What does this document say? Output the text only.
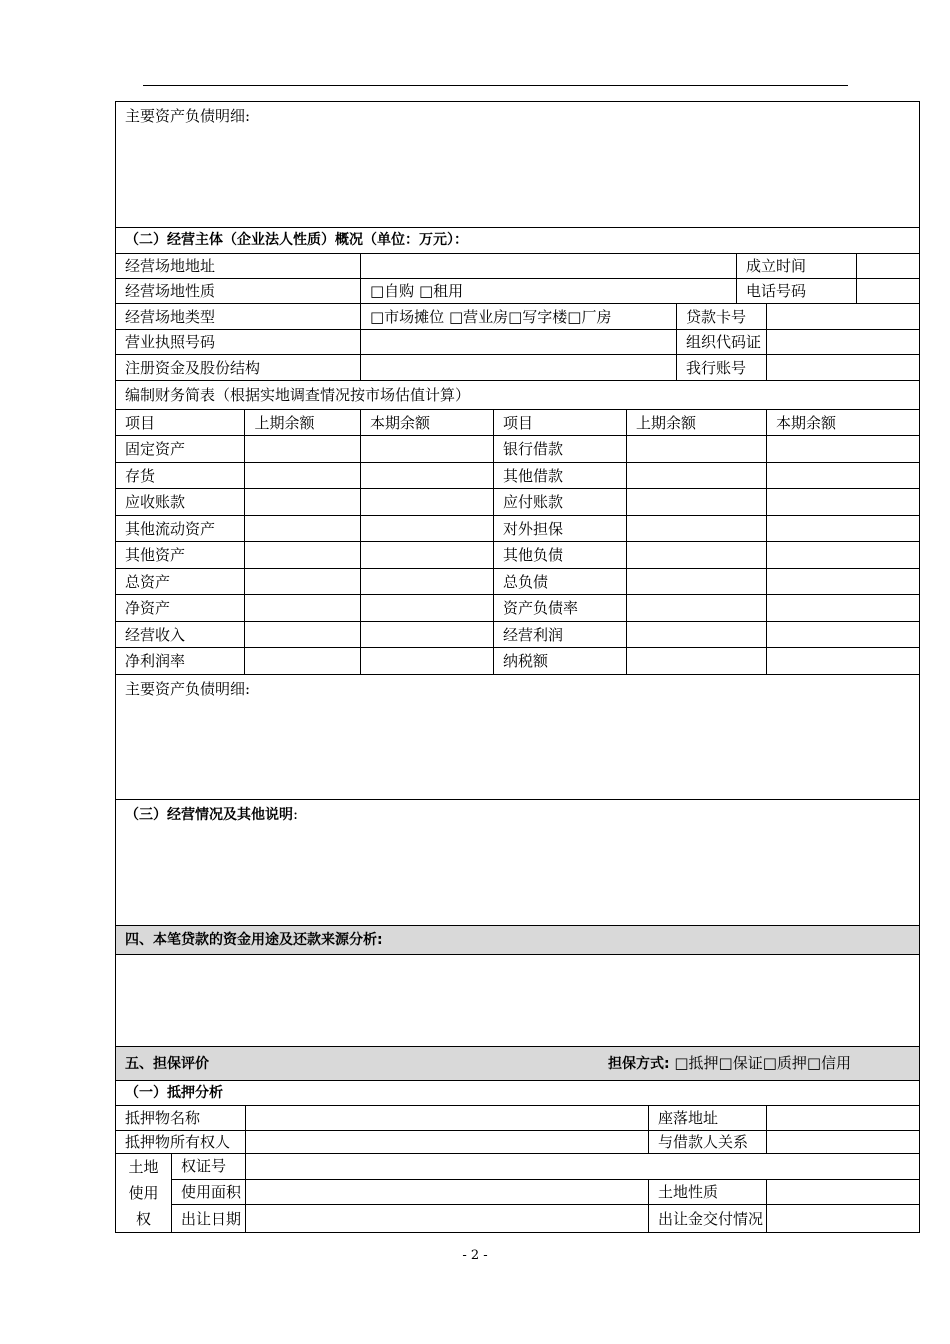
主要资产负债明细:										
（二）经营主体（企业法人性质）概况（单位：万元）：										
经营场地地址								成立时间		
经营场地性质			□自购 □租用					电话号码		
经营场地类型			□市场摊位 □营业房□写字楼□厂房				贷款卡号			
营业执照号码							组织代码证			
注册资金及股份结构							我行账号			
编制财务简表（根据实地调查情况按市场估值计算）										

项目 上期余额			本期余额	项目	上期余额				本期余额	

固定资产				银行借款						

存货				其他借款						

应收账款				应付账款						

其他流动资产				对外担保						

其他资产				其他负债						

总资产				总负债						

净资产				资产负债率						

经营收入				经营利润						

净利润率				纳税额						
主要资产负债明细:										
（三）经营情况及其他说明:										
四、本笔贷款的资金用途及还款来源分析:										

五、担保评价 担保方式: □抵押□保证□质押□信用										

（一）抵押分析										
抵押物名称						座落地址				
抵押物所有权人						与借款人关系				

土地
使用
权	权证号									
	使用面积					土地性质				
	出让日期					出让金交付情况				
- 2 -
